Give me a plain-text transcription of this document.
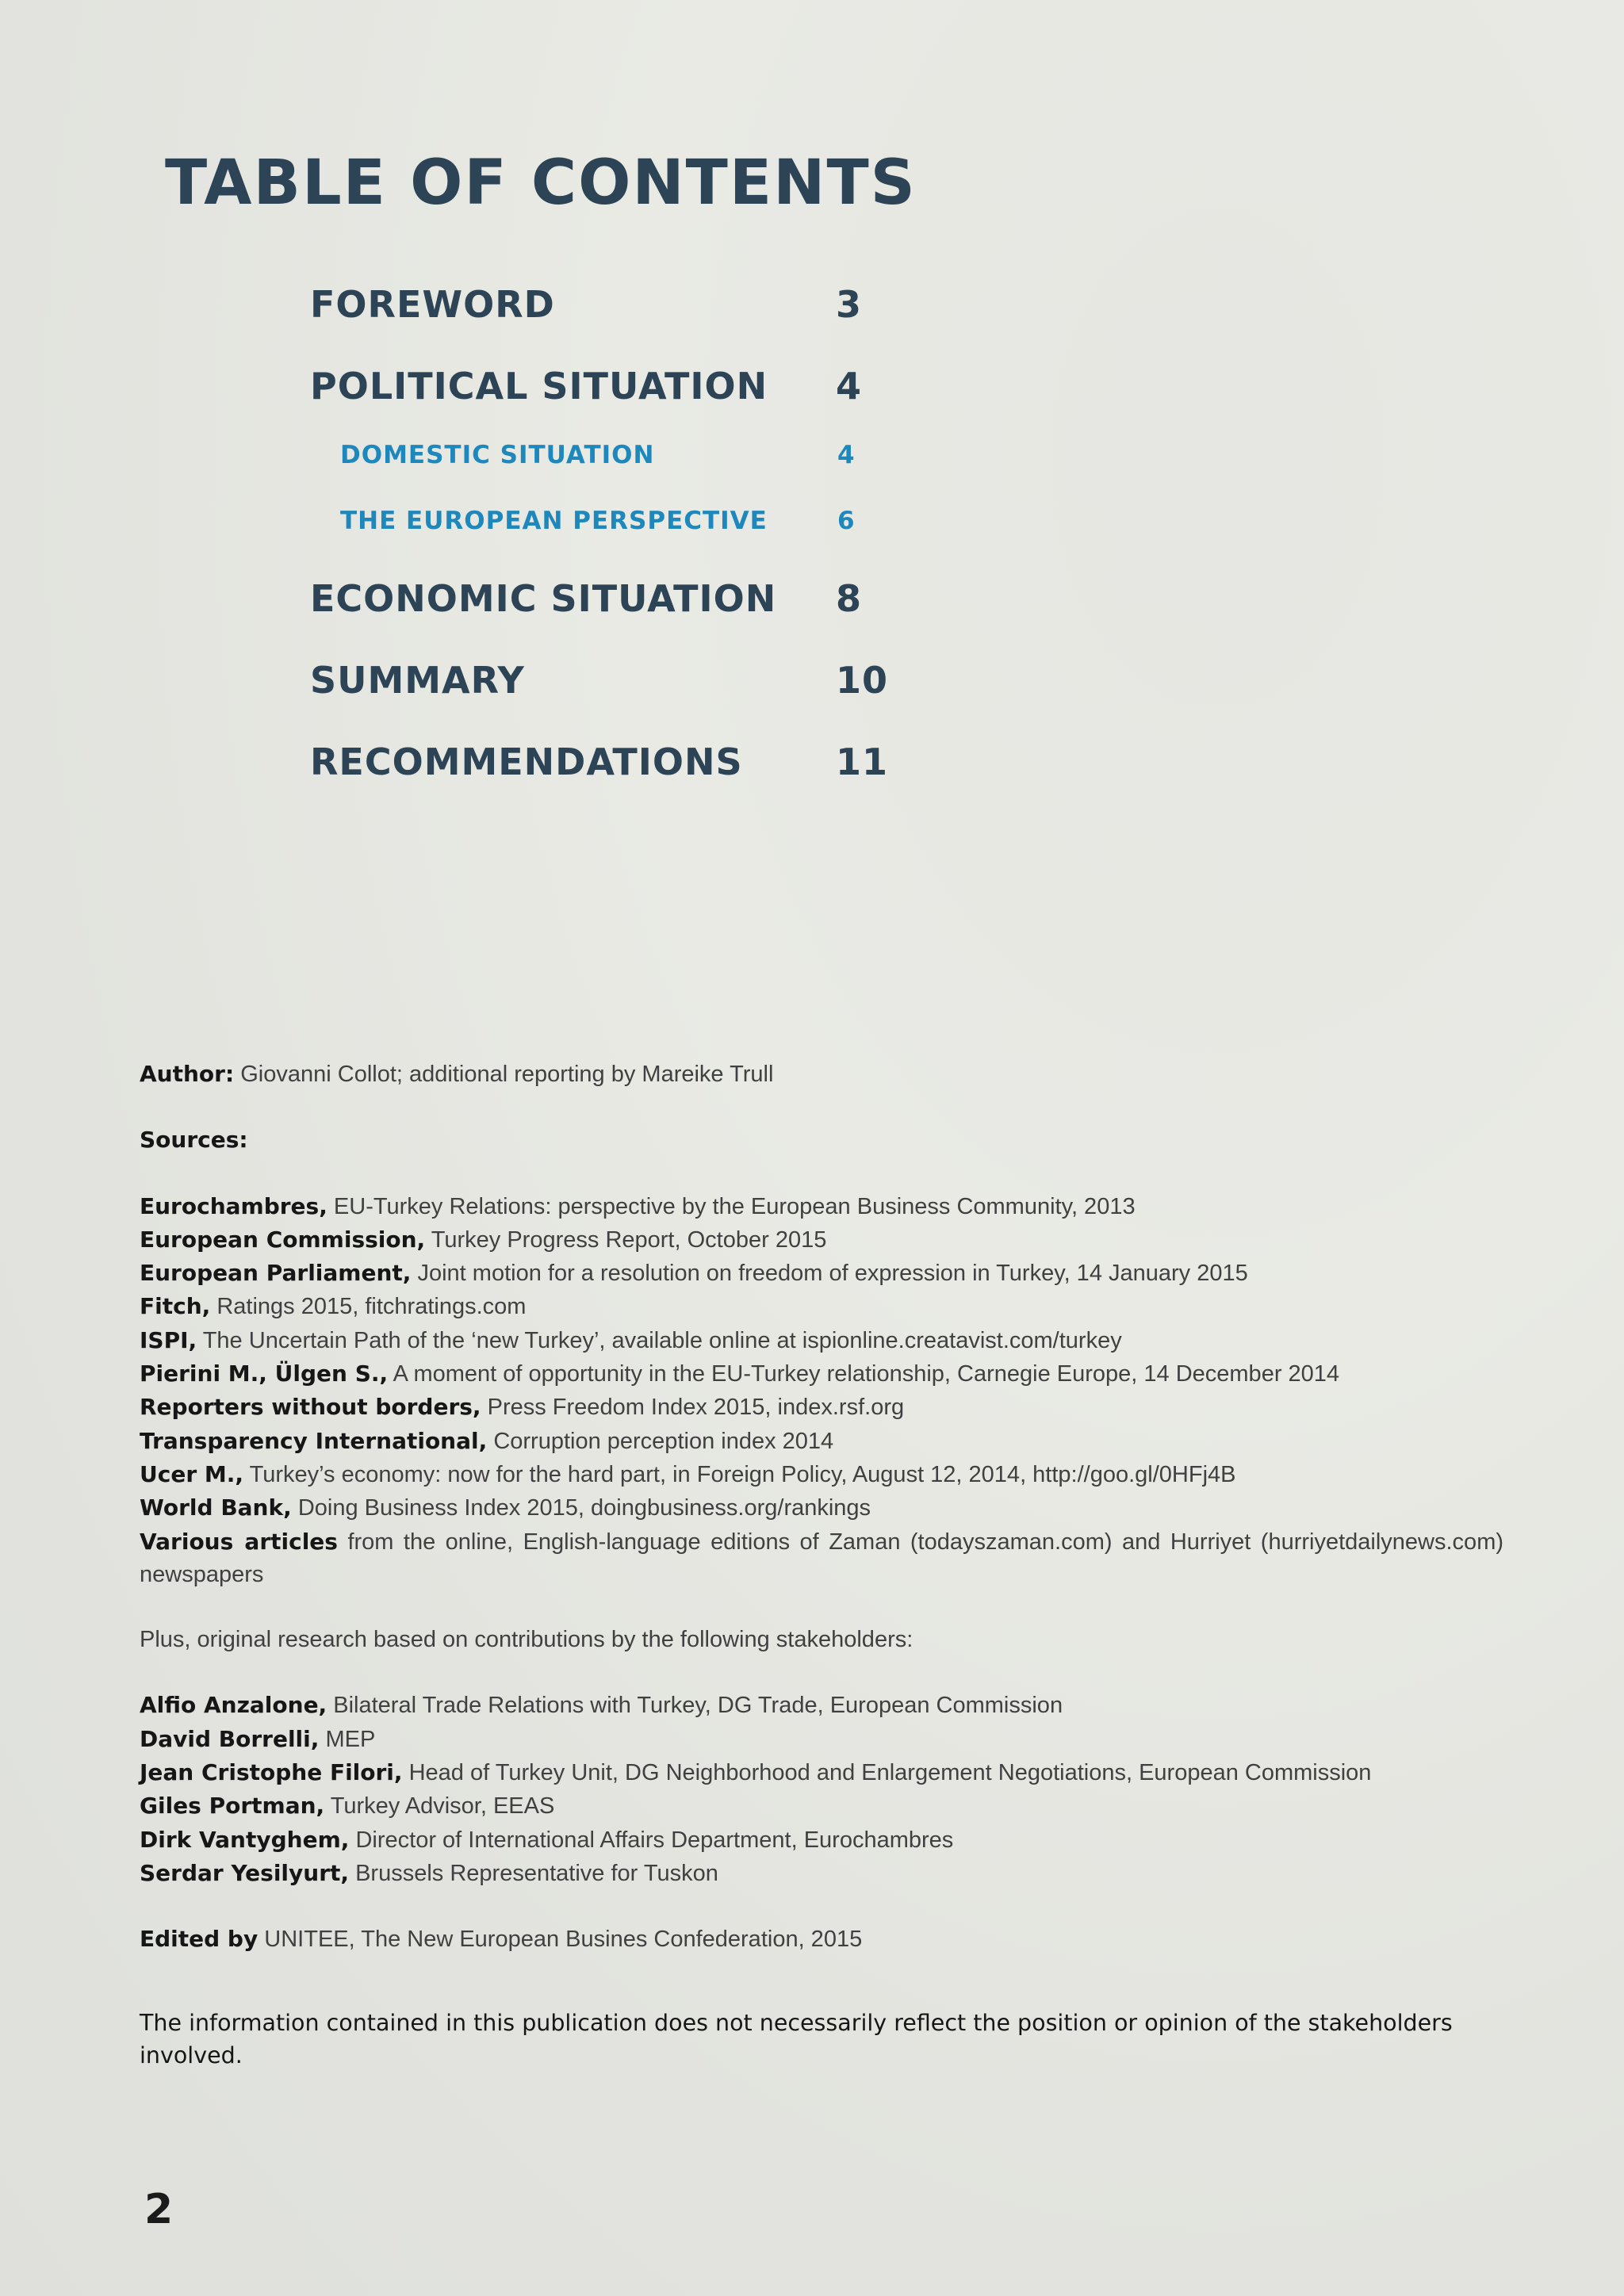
TABLE OF CONTENTS
FOREWORD	3
POLITICAL SITUATION 4
DOMESTIC SITUATION	4
THE EUROPEAN PERSPECTIVE	6
ECONOMIC SITUATION 8
SUMMARY	10
RECOMMENDATIONS	11

Author: Giovanni Collot; additional reporting by Mareike Trull

Sources:

Eurochambres, EU-Turkey Relations: perspective by the European Business Community, 2013

European Commission, Turkey Progress Report, October 2015

European Parliament, Joint motion for a resolution on freedom of expression in Turkey, 14 January 2015

Fitch, Ratings 2015, fitchratings.com

ISPI, The Uncertain Path of the ‘new Turkey’, available online at ispionline.creatavist.com/turkey

Pierini M., Ülgen S., A moment of opportunity in the EU-Turkey relationship, Carnegie Europe, 14 December 2014

Reporters without borders, Press Freedom Index 2015, index.rsf.org

Transparency International, Corruption perception index 2014

Ucer M., Turkey’s economy: now for the hard part, in Foreign Policy, August 12, 2014, http://goo.gl/0HFj4B

World Bank, Doing Business Index 2015, doingbusiness.org/rankings

Various articles from the online, English-language editions of Zaman (todayszaman.com) and Hurriyet (hurriyetdailynews.com) newspapers

Plus, original research based on contributions by the following stakeholders:

Alfio Anzalone, Bilateral Trade Relations with Turkey, DG Trade, European Commission

David Borrelli, MEP

Jean Cristophe Filori, Head of Turkey Unit, DG Neighborhood and Enlargement Negotiations, European Commission

Giles Portman, Turkey Advisor, EEAS

Dirk Vantyghem, Director of International Affairs Department, Eurochambres

Serdar Yesilyurt, Brussels Representative for Tuskon

Edited by UNITEE, The New European Busines Confederation, 2015

The information contained in this publication does not necessarily reflect the position or opinion of the stakeholders involved.

2
